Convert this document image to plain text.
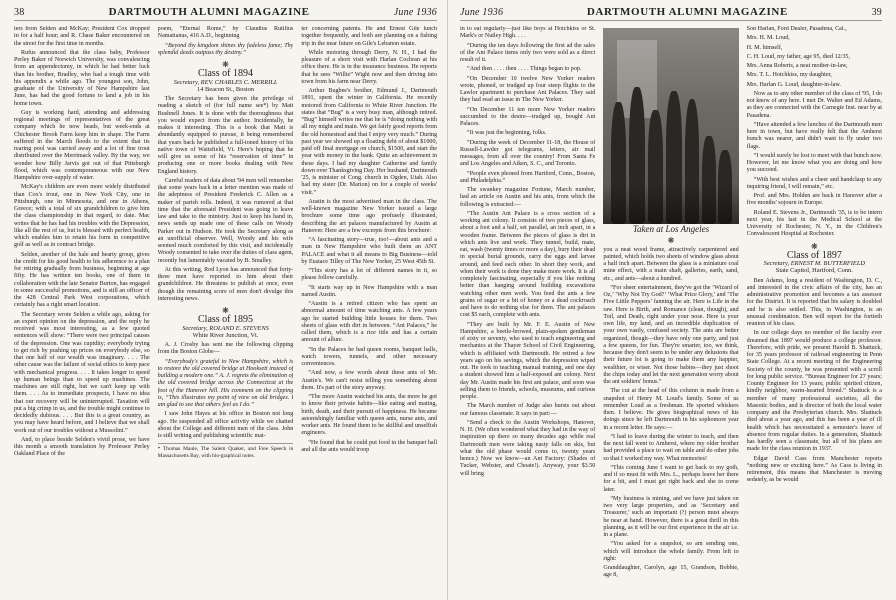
38	DARTMOUTH ALUMNI MAGAZINE	June 1936

ters from Selden and McKay; President Cox dropped in for a half hour; and R. Chase Baker encountered on the street for the first time in months.

Rufus announced that the class baby, Professor Perley Baker of Norwich University, was convalescing from an appendectomy, in which he had better luck than his brother, Bradley, who had a tough time with his appendix a while ago. The youngest son, John, graduate of the University of New Hampshire last June, has had the good fortune to land a job in his home town.

Guy is working hard, attending and addressing regional meetings of representatives of the great company which he now heads, but week-ends at Chichester Brook Farm keep him in shape. The Farm suffered in the March floods to the extent that its rearing pool was carried away and a lot of fine trout distributed over the Merrimack valley. By the way, we wonder how Billy Jarvis got out of that Pittsburgh flood, which was contemporaneous with our New Hampshire over-supply of water.

McKay's children are even more widely distributed than Cox's trout, one in New York City, one in Pittsburgh, one in Minnesota, and one in Athens, Greece; with a total of six grandchildren to give him the class championship in that regard, to date. Mac writes that he has had his troubles with the Depression, like all the rest of us, but is blessed with perfect health, which enables him to retain his form in competitive golf as well as in contract bridge.

Selden, another of the hale and hearty group, gives the credit for his good health to his adherence to a plan for retiring gradually from business, beginning at age fifty. He has written ten books, one of them in collaboration with the late Senator Burton, has engaged in some successful promotions, and is still an officer of the 428 Central Park West corporations, which certainly has a right smart location.

The Secretary wrote Selden a while ago, asking for an expert opinion on the depression, and the reply he received was most interesting, as a few quoted sentences will show: “There were two principal causes of the depression. One was cupidity; everybody trying to get rich by pushing up prices on everybody else, so that one half of our wealth was imaginary. . . . The other cause was the failure of social ethics to keep pace with mechanical progress. . . . It takes longer to speed up human beings than to speed up machines. The machines are still right, but we can't keep up with them. . . . As to immediate prospects, I have no idea that our recovery will be uninterrupted. Taxation will put a big crimp in us, and the trouble might continue to decidedly dubious. . . . But this is a great country, as you may have heard before, and I believe that we shall work out of our troubles without a Mussolini.”

And, to place beside Selden's vivid prose, we have this month a smooth translation by Professor Perley Oakland Place of the

poem, “Eternal Rome,” by Claudius Rutilius Namatianus, 416 A.D., beginning

“Beyond thy kingdom shines thy fadeless fame; Thy splendid deeds outpass thy destiny.”

❋
Class of 1894
Secretary, REV. CHARLES C. MERRILL
14 Beacon St., Boston

The Secretary has been given the privilege of reading a sketch of (for full name see*) by Matt Bushnell Jones. It is done with the thoroughness that you would expect from the author. Incidentally, he makes it interesting. This is a book that Matt is abundantly equipped to pursue, it being remembered that years back he published a full-toned history of his native town of Waitsfield, Vt. Here's hoping that he will give us some of his “reservation of time” in producing one or more books dealing with New England history.

Careful readers of data about '94 men will remember that some years back in a letter mention was made of the adeptness of President Frederick C. Allen as a maker of parish rolls. Indeed, it was rumored at that time that the aforesaid President was going to leave law and take to the ministry. Just to keep his hand in, news sends up made one of these calls on Woody Parker out in Hudson. He took the Secretary along as an unofficial observer. Well, Woody and his wife seemed much comforted by this visit, and incidentally Woody consented to take over the duties of class agent, recently but lamentably vacated by B. Smalley.

At this writing, Rod Lyon has announced that forty-three men have reported to him about their grandchildren. He threatens to publish at once, even though the remaining score of men don't divulge this interesting news.

❋
Class of 1895
Secretary, ROLAND E. STEVENS
White River Junction, Vt.

A. J. Crosby has sent me the following clipping from the Boston Globe—

“Everybody's grateful to New Hampshire, which is to restore the old covered bridge at Hooksett instead of building a modern one.” A. J. regrets the elimination of the old covered bridge across the Connecticut at the foot of the Hanover hill. His comment on the clipping is, “This illustrates my point of view on old bridges. I am glad to see that others feel as I do.”

I saw John Hayes at his office in Boston not long ago. He suspended all office activity while we chatted about the College and different men of the class. John is still writing and publishing scientific mat-

* Thomas Maule, The Salem Quaker, and Free Speech in Massachusetts Bay, with bio-graphical notes.

ter concerning patents. He and Ernest Gile lunch together frequently, and both are planning on a fishing trip in the near future on Gile's Lebanon estate.

While motoring through Derry, N. H., I had the pleasure of a short visit with Harlan Cochran at his office there. He is in the insurance business. He reports that he sees “Willie” Wight now and then driving into town from his farm near Derry.

Arthur Bugbee's brother, Edmund J., Dartmouth 1891, spent the winter in California. He recently motored from California to White River Junction. He states that “Bug” is a very busy man, although retired. “Bug” himself writes me that he is “doing nothing with all my might and main. We get fairly good reports from the old homestead and that I enjoy very much.” During past year we showed up a floating debt of about $1000, paid off final mortgage on church, $1500, and start the year with money in the bank. Quite an achievement in these days. I had my daughter Catherine and family down over Thanksgiving Day. Her husband, Dartmouth '25, is minister of Cong. church in Ogden, Utah. Also had my sister (Dr. Marion) on for a couple of weeks' visit.”

Austin is the most advertised man in the class. The well-known magazine New Yorker issued a large brochure some time ago profusely illustrated, describing the art palaces manufactured by Austin at Hanover. Here are a few excerpts from this brochure:

“A fascinating story—true, too!—about ants and a man in New Hampshire who built them an ANT PALACE and what it all means to Big Business—told by Eustace Tilley of The New Yorker, 25 West 45th St.

“This story has a lot of different names in it, so please follow carefully.

“It starts way up in New Hampshire with a man named Austin.

“Austin is a retired citizen who has spent an abnormal amount of time watching ants. A few years ago he started building little houses for them. Two sheets of glass with dirt in between. “Ant Palaces,” he called them, which is a rice title and has a certain amount of allure.

“In the Palaces he had queen rooms, banquet halls, watch towers, tunnels, and other necessary conveniences.

“And now, a few words about these ants of Mr. Austin's. We can't resist telling you something about them. It's part of the story anyway.

“The more Austin watched his ants, the more he got to know their private habits—like eating and mating, birth, death, and their pursuit of happiness. He became astonishingly familiar with queen ants, nurse ants, and worker ants. He found them to be skillful and unselfish engineers.

“He found that he could put food in the banquet hall and all the ants would troop

June 1936	DARTMOUTH ALUMNI MAGAZINE	39

in to eat regularly—just like boys at Hotchkiss or St. Mark's or Nutley High. . . .

“During the ten days following the first ad the sales of the Ant Palace items only two were sold as a direct result of it.

“And then . . . . then . . . . Things began to pop.

“On December 10 twelve New Yorker readers wrote, phoned, or trudged up four steep flights to the Lawlor apartment to purchase Ant Palaces. They said they had read an issue in The New Yorker.

“On December 11 ten more New Yorker readers succumbed to the desire—trudged up, bought Ant Palaces.

“It was just the beginning, folks.

“During the week of December 11-18, the House of Russell-Lawder got telegrams, letters, air mail messages, from all over the country! From Santa Fe and Los Angeles and Aiken, S. C., and Toronto.

“People even phoned from Hartford, Conn., Boston, and Philadelphia.”

The swankey magazine Fortune, March number, had an article on Austin and his ants, from which the following is extracted:—

“The Austin Ant Palace is a cross section of a working ant colony. It consists of two pieces of glass, about a foot and a half, set parallel, an inch apart, in a wooden frame. Between the pieces of glass is dirt in which ants live and work. They tunnel, build, mate, eat, wash (twenty times or more a day), bury their dead in special burial grounds, carry the eggs and larvae around, and feed each other. In short they work, and when their work is done they make more work. It is all completely fascinating, especially if you like nothing better than hanging around building excavations watching other men work. You feed the ants a few grains of sugar or a bit of honey or a dead cockroach and have to do nothing else for them. The ant palaces cost $5 each, complete with ants.

“They are built by Mr. F. E. Austin of New Hampshire, a beetle-browed, plain-spoken gentleman of sixty or seventy, who used to teach engineering and mechanics at the Thayer School of Civil Engineering, which is affiliated with Dartmouth. He retired a few years ago on his savings, which the depression wiped out. He took to teaching manual training, and one day a student showed him a half-exposed ant colony. Next day Mr. Austin made his first ant palace, and soon was selling them to friends, schools, museums, and curious people.

The March number of Judge also bursts out about our famous classmate. It says in part:—

“Send a check to the Austin Workshops, Hanover, N. H. (We often wondered what they had in the way of inspiration up there so many decades ago while real Dartmouth men were taking nasty falls on skis, but what the old phase would come to, twenty years hence.) Now we know—an Ant Factory: (Shades of Tucker, Webster, and Choate!). Anyway, your $3.50 will bring

Taken at Los Angeles
❋

you a neat wood frame, attractively carpentered and painted, which holds two sheets of window glass about a half inch apart. Between the glass is a miniature coal mine effect, with a main shaft, galleries, earth, sand, etc., and ants—about a hundred.

“For sheer entertainment, they've got the ‘Wizard of Oz,’ ‘Why Not Try God?’ ‘What Price Glory,’ and ‘The Five Little Peppers’ fanning the air. Here is Life in the raw. Here is Birth, and Romance (clean, though), and Toil, and Death, right under your nose. Here is your own life, my land, and an incredible duplication of your own vastly, confused society. The ants are better organized, though—they have only one party, and just a few queens, for fun. They're smarter, too, we think, because they don't seem to be under any delusions that their future lot is going to make them any happier, wealthier, or wiser. Not those babies—they just shoot the chips today and let the next generation worry about the ant soldiers' bonus.”

The cut at the head of this column is made from a snapshot of Henry M. Loud's family. Some of us remember Loud as a freshman. He sported whiskers then. I believe. He gives biographical news of his doings since he left Dartmouth in his sophomore year in a recent letter. He says:—

“I had to leave during the winter to teach, and then the next fall went to Amherst, where my older brother had provided a place to wait on table and do other jobs so that I worked my way. What memories!

“This coming June I want to get back to my goth, and if so must fit with Mrs. L., perhaps leave her there for a bit, and I must get right back and she to come later.

“My business is mining, and we have just taken on two very large properties, and as ‘Secretary and Treasurer,’ such an important (?) person must always be near at hand. However, there is a great thrill in this planning, as it will be our first experience in the air i.e. in a plane.

“You asked for a snapshot, so am sending one, which will introduce the whole family. From left to right:

Granddaughter, Carolyn, age 15, Grandson, Bobbie, age 8,

Son Harlan, Ford Dealer, Pasadena, Cal.,

Mrs. H. M. Loud,

H. M. himself,

C. H. Loud, my father, age 95, died 12/35,

Mrs. Anna Roberts, a neat mother-in-law,

Mrs. T. L. Hotchkiss, my daughter,

Mrs. Harlan G. Loud, daughter-in-law.

Now as to any other member of the class of '95, I do not know of any here. I met Dr. Walter and Ed Adams, as they are connected with the Carnegie Inst. near by at Pasadena.

“Have attended a few lunches of the Dartmouth men here in town, but have really felt that the Amherst bunch was nearer, and didn't want to fly under two flags.

“I would surely be lost to meet with that bunch now. However, let me know what you are doing and how you succeed.

“With best wishes and a cheer and handclasp to any inquiring friend, I will remain,” etc.

Prof. and Mrs. Holden are back in Hanover after a five months' sojourn in Europe.

Roland E. Stevens Jr., Dartmouth '35, is to be intern next year, his last in the Medical School at the University of Rochester, N. Y., in the Children's Convalescent Hospital at Rochester.

❋
Class of 1897
Secretary, ERNEST M. BUTTERFIELD
State Capitol, Hartford, Conn.

Ben Adams, long a resident of Washington, D. C., and interested in the civic affairs of the city, has an administrative promotion and becomes a tax assessor for the District. It is reported that his salary is doubled and he is also settled. This, in Washington, is an unusual combination. Ben will report for the fortieth reunion of his class.

In our college days no member of the faculty ever dreamed that 1897 would produce a college professor. Therefore, with pride, we present Harold B. Shattuck, for 35 years professor of railroad engineering in Penn State College. At a recent meeting of the Engineering Society of the county, he was presented with a scroll for long public service. “Bureau Engineer for 27 years; County Engineer for 13 years; public spirited citizen, kindly neighbor, warm-hearted friend.” Shattuck is a member of many professional societies, all the Masonic bodies, and is director of both the local water company and the Presbyterian church. Mrs. Shattuck died about a year ago, and this has been a year of ill health which has necessitated a semester's leave of absence from regular duties. In a generation, Shattuck has hardly seen a classmate, but all of his plans are made for the class reunion in 1937.

Edgar David Cass from Manchester reports “nothing new or exciting here.” As Cass is living in retirement, this means that Manchester is moving sedately, as he would
